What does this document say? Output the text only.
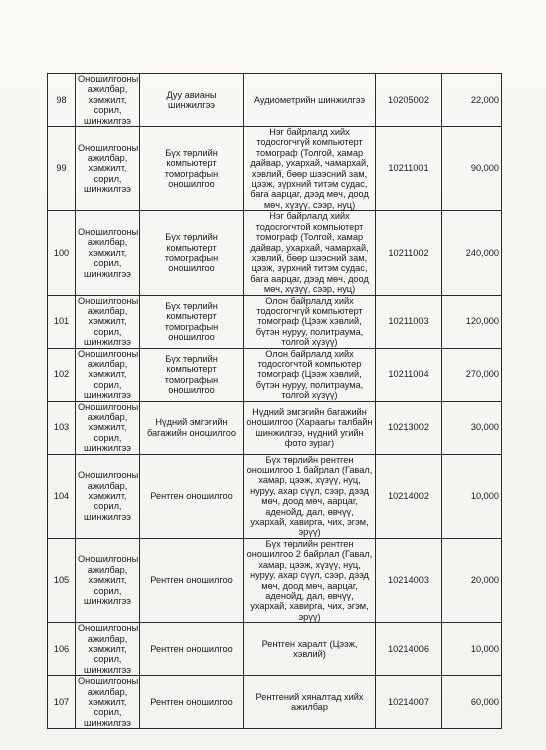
98	Оношилгооны ажилбар, хэмжилт, сорил, шинжилгээ	Дуу авианы шинжилгээ	Аудиометрийн шинжилгээ	10205002	22,000
99	Оношилгооны ажилбар, хэмжилт, сорил, шинжилгээ	Бүх төрлийн компьютерт томографын оношилгоо	Нэг байрлалд хийх тодосгогчгүй компьютерт томограф (Толгой, хамар дайвар, ухархай, чамархай, хэвлий, бөөр шээсний зам, цээж, зүрхний титэм судас, бага аарцаг, дээд мөч, доод мөч, хүзүү, сээр, нуц)	10211001	90,000
100	Оношилгооны ажилбар, хэмжилт, сорил, шинжилгээ	Бүх төрлийн компьютерт томографын оношилгоо	Нэг байрлалд хийх тодосгогчтой компьютерт томограф (Толгой, хамар дайвар, ухархай, чамархай, хэвлий, бөөр шээсний зам, цээж, зүрхний титэм судас, бага аарцаг, дээд мөч, доод мөч, хүзүү, сээр, нуц)	10211002	240,000
101	Оношилгооны ажилбар, хэмжилт, сорил, шинжилгээ	Бүх төрлийн компьютерт томографын оношилгоо	Олон байрлалд хийх тодосгогчгүй компьютерт томограф (Цээж хэвлий, бүтэн нуруу, политраума, толгой хүзүү)	10211003	120,000
102	Оношилгооны ажилбар, хэмжилт, сорил, шинжилгээ	Бүх төрлийн компьютерт томографын оношилгоо	Олон байрлалд хийх тодосгогчтой компьютер томограф (Цээж хэвлий, бүтэн нуруу, политраума, толгой хүзүү)	10211004	270,000
103	Оношилгооны ажилбар, хэмжилт, сорил, шинжилгээ	Нүдний эмгэгийн багажийн оношилгоо	Нүдний эмгэгийн багажийн оношилгоо (Хараагы талбайн шинжилгээ, нүдний угийн фото зураг)	10213002	30,000
104	Оношилгооны ажилбар, хэмжилт, сорил, шинжилгээ	Рентген оношилгоо	Бүх төрлийн рентген оношилгоо 1 байрлал (Гавал, хамар, цээж, хүзүү, нуц, нуруу, ахар сүүл, сээр, дээд мөч, доод мөч, аарцаг, аденойд, дал, өвчүү, ухархай, хавирга, чих, эгэм, эрүү)	10214002	10,000
105	Оношилгооны ажилбар, хэмжилт, сорил, шинжилгээ	Рентген оношилгоо	Бүх төрлийн рентген оношилгоо 2 байрлал (Гавал, хамар, цээж, хүзүү, нуц, нуруу, ахар сүүл, сээр, дээд мөч, доод мөч, аарцаг, аденойд, дал, өвчүү, ухархай, хавирга, чих, эгэм, эрүү)	10214003	20,000
106	Оношилгооны ажилбар, хэмжилт, сорил, шинжилгээ	Рентген оношилгоо	Рентген харалт (Цээж, хэвлий)	10214006	10,000
107	Оношилгооны ажилбар, хэмжилт, сорил, шинжилгээ	Рентген оношилгоо	Рентгений хяналтад хийх ажилбар	10214007	60,000
